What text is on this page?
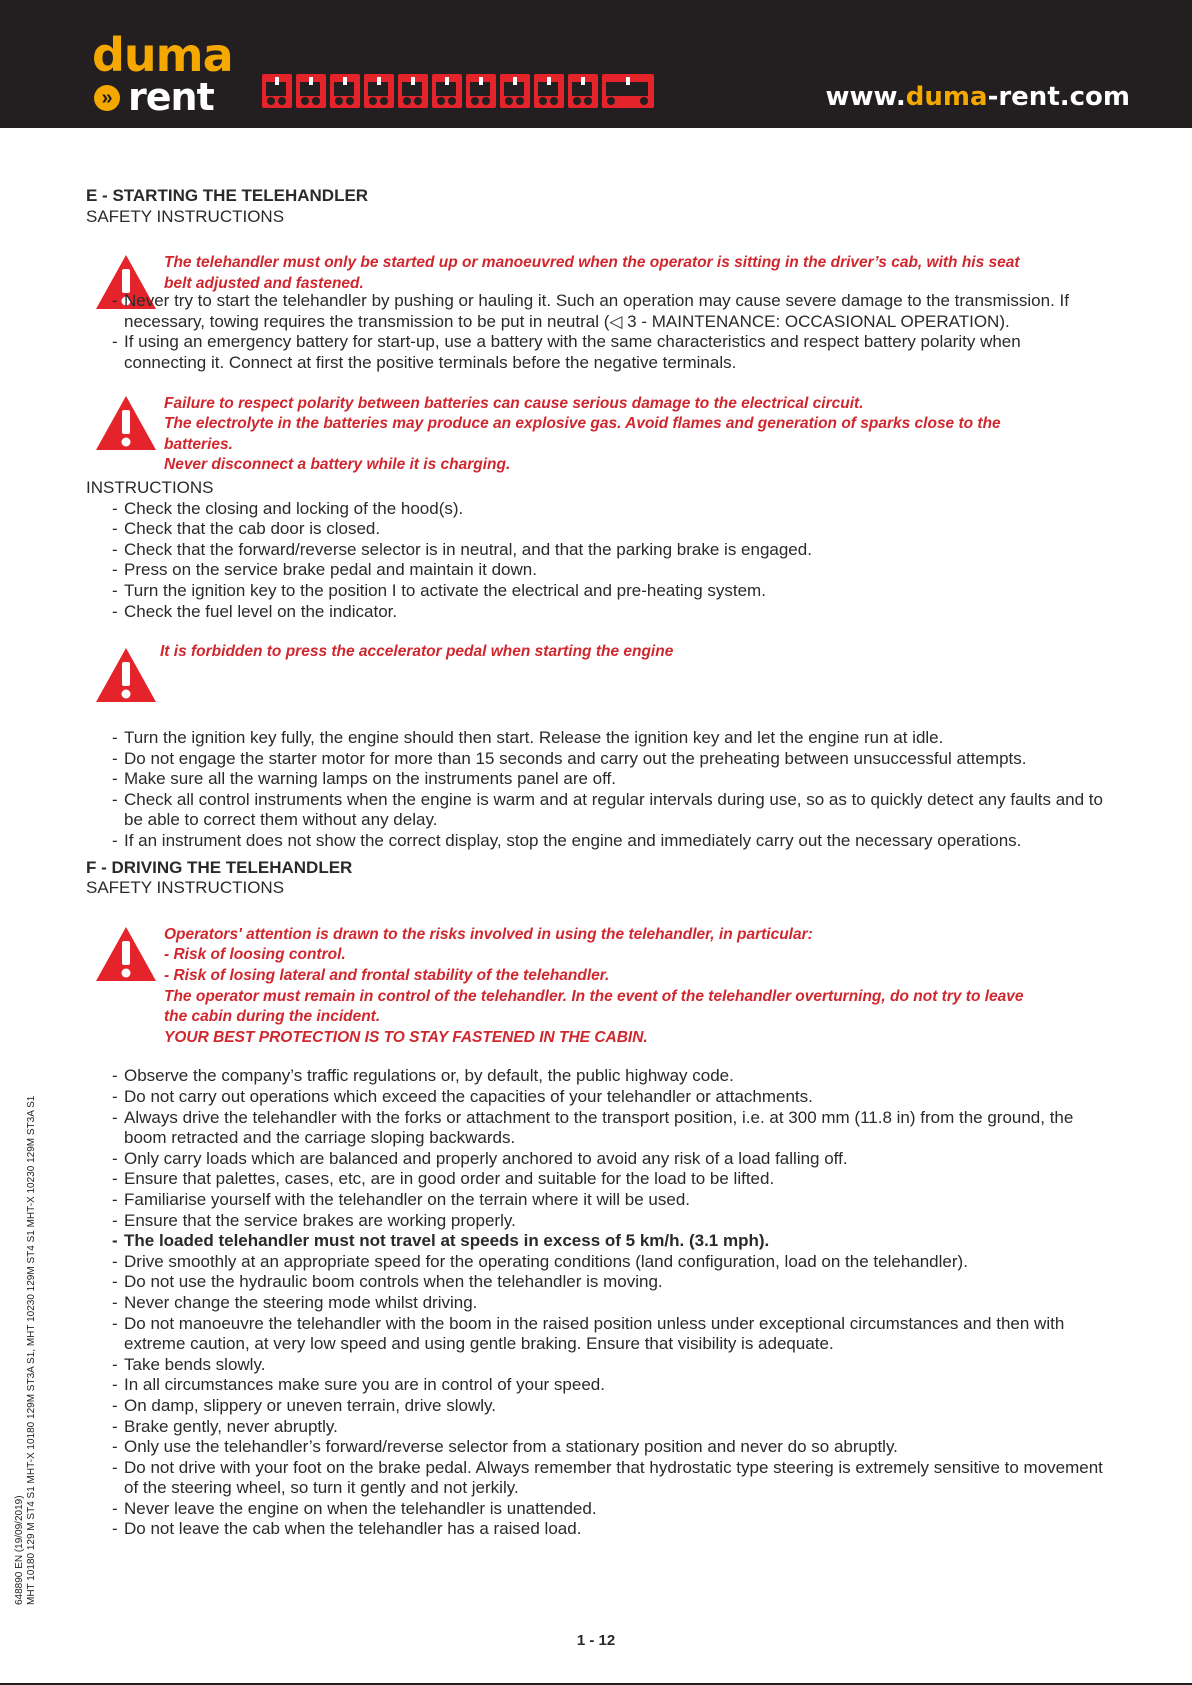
duma
» rent	www.duma-rent.com
E - STARTING THE TELEHANDLER
SAFETY INSTRUCTIONS
The telehandler must only be started up or manoeuvred when the operator is sitting in the driver’s cab, with his seat
belt adjusted and fastened.
- Never try to start the telehandler by pushing or hauling it. Such an operation may cause severe damage to the transmission. If necessary, towing requires the transmission to be put in neutral (◁ 3 - MAINTENANCE: OCCASIONAL OPERATION).
- If using an emergency battery for start-up, use a battery with the same characteristics and respect battery polarity when connecting it. Connect at first the positive terminals before the negative terminals.
Failure to respect polarity between batteries can cause serious damage to the electrical circuit.
The electrolyte in the batteries may produce an explosive gas. Avoid flames and generation of sparks close to the
batteries.
Never disconnect a battery while it is charging.
INSTRUCTIONS
- Check the closing and locking of the hood(s).
- Check that the cab door is closed.
- Check that the forward/reverse selector is in neutral, and that the parking brake is engaged.
- Press on the service brake pedal and maintain it down.
- Turn the ignition key to the position I to activate the electrical and pre-heating system.
- Check the fuel level on the indicator.
It is forbidden to press the accelerator pedal when starting the engine
- Turn the ignition key fully, the engine should then start. Release the ignition key and let the engine run at idle.
- Do not engage the starter motor for more than 15 seconds and carry out the preheating between unsuccessful attempts.
- Make sure all the warning lamps on the instruments panel are off.
- Check all control instruments when the engine is warm and at regular intervals during use, so as to quickly detect any faults and to be able to correct them without any delay.
- If an instrument does not show the correct display, stop the engine and immediately carry out the necessary operations.
F - DRIVING THE TELEHANDLER
SAFETY INSTRUCTIONS
Operators' attention is drawn to the risks involved in using the telehandler, in particular:
- Risk of loosing control.
- Risk of losing lateral and frontal stability of the telehandler.
The operator must remain in control of the telehandler. In the event of the telehandler overturning, do not try to leave
the cabin during the incident.
YOUR BEST PROTECTION IS TO STAY FASTENED IN THE CABIN.
- Observe the company’s traffic regulations or, by default, the public highway code.
- Do not carry out operations which exceed the capacities of your telehandler or attachments.
- Always drive the telehandler with the forks or attachment to the transport position, i.e. at 300 mm (11.8 in) from the ground, the boom retracted and the carriage sloping backwards.
- Only carry loads which are balanced and properly anchored to avoid any risk of a load falling off.
- Ensure that palettes, cases, etc, are in good order and suitable for the load to be lifted.
- Familiarise yourself with the telehandler on the terrain where it will be used.
- Ensure that the service brakes are working properly.
- The loaded telehandler must not travel at speeds in excess of 5 km/h. (3.1 mph).
- Drive smoothly at an appropriate speed for the operating conditions (land configuration, load on the telehandler).
- Do not use the hydraulic boom controls when the telehandler is moving.
- Never change the steering mode whilst driving.
- Do not manoeuvre the telehandler with the boom in the raised position unless under exceptional circumstances and then with extreme caution, at very low speed and using gentle braking. Ensure that visibility is adequate.
- Take bends slowly.
- In all circumstances make sure you are in control of your speed.
- On damp, slippery or uneven terrain, drive slowly.
- Brake gently, never abruptly.
- Only use the telehandler’s forward/reverse selector from a stationary position and never do so abruptly.
- Do not drive with your foot on the brake pedal. Always remember that hydrostatic type steering is extremely sensitive to movement of the steering wheel, so turn it gently and not jerkily.
- Never leave the engine on when the telehandler is unattended.
- Do not leave the cab when the telehandler has a raised load.
648890 EN (19/09/2019) MHT 10180 129 M ST4 S1 MHT-X 10180 129M ST3A S1, MHT 10230 129M ST4 S1 MHT-X 10230 129M ST3A S1
1 - 12
